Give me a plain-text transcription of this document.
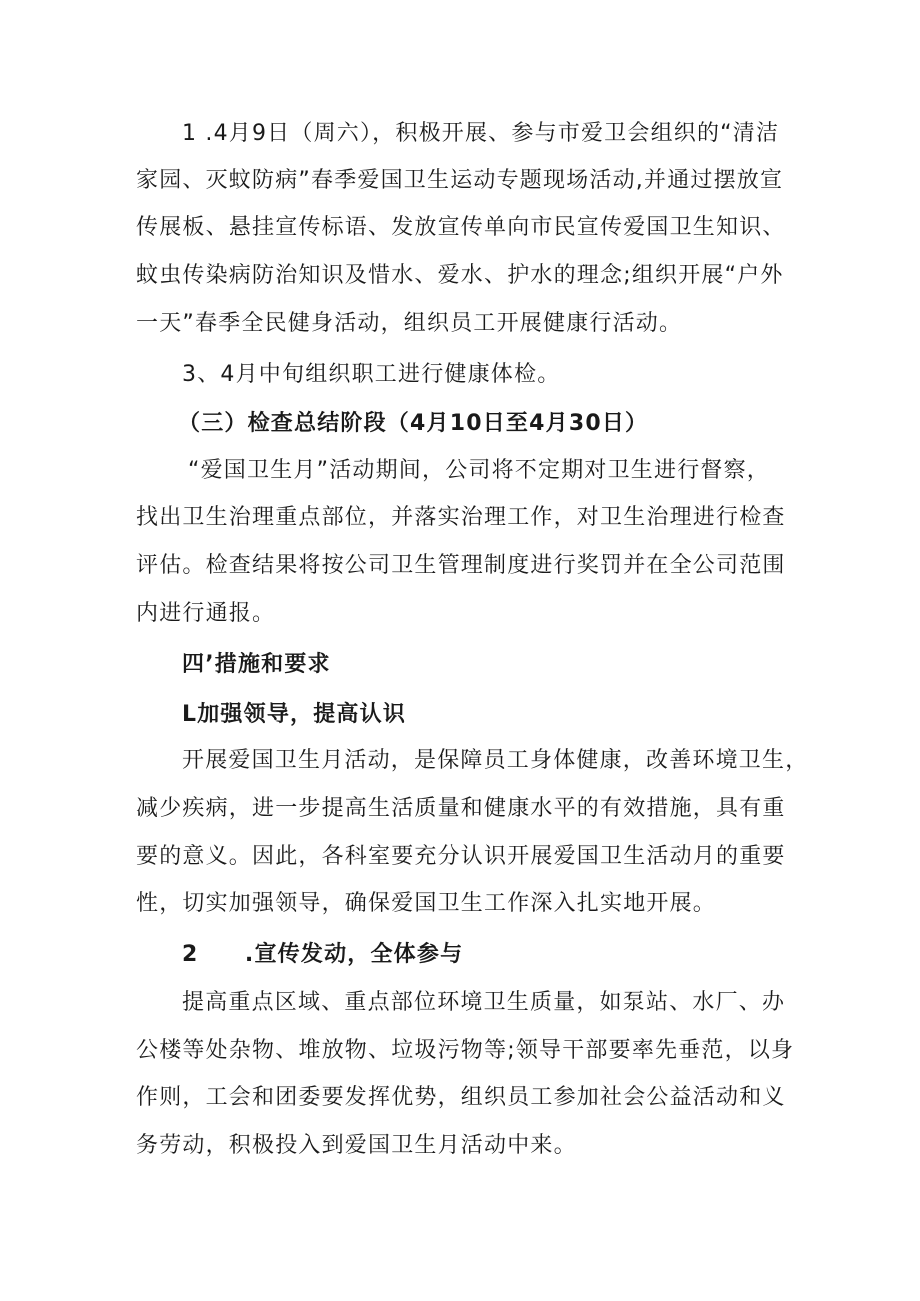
1 .4月9日（周六），积极开展、参与市爱卫会组织的“清洁
家园、灭蚊防病”春季爱国卫生运动专题现场活动,并通过摆放宣
传展板、悬挂宣传标语、发放宣传单向市民宣传爱国卫生知识、
蚊虫传染病防治知识及惜水、爱水、护水的理念;组织开展“户外
一天”春季全民健身活动，组织员工开展健康行活动。
3、4月中旬组织职工进行健康体检。
（三）检查总结阶段（4月10日至4月30日）
“爱国卫生月”活动期间，公司将不定期对卫生进行督察，
找出卫生治理重点部位，并落实治理工作，对卫生治理进行检查
评估。检查结果将按公司卫生管理制度进行奖罚并在全公司范围
内进行通报。
四’措施和要求
L加强领导，提高认识
开展爱国卫生月活动，是保障员工身体健康，改善环境卫生，
减少疾病，进一步提高生活质量和健康水平的有效措施，具有重
要的意义。因此，各科室要充分认识开展爱国卫生活动月的重要
性，切实加强领导，确保爱国卫生工作深入扎实地开展。
2　　.宣传发动，全体参与
提高重点区域、重点部位环境卫生质量，如泵站、水厂、办
公楼等处杂物、堆放物、垃圾污物等;领导干部要率先垂范，以身
作则，工会和团委要发挥优势，组织员工参加社会公益活动和义
务劳动，积极投入到爱国卫生月活动中来。
